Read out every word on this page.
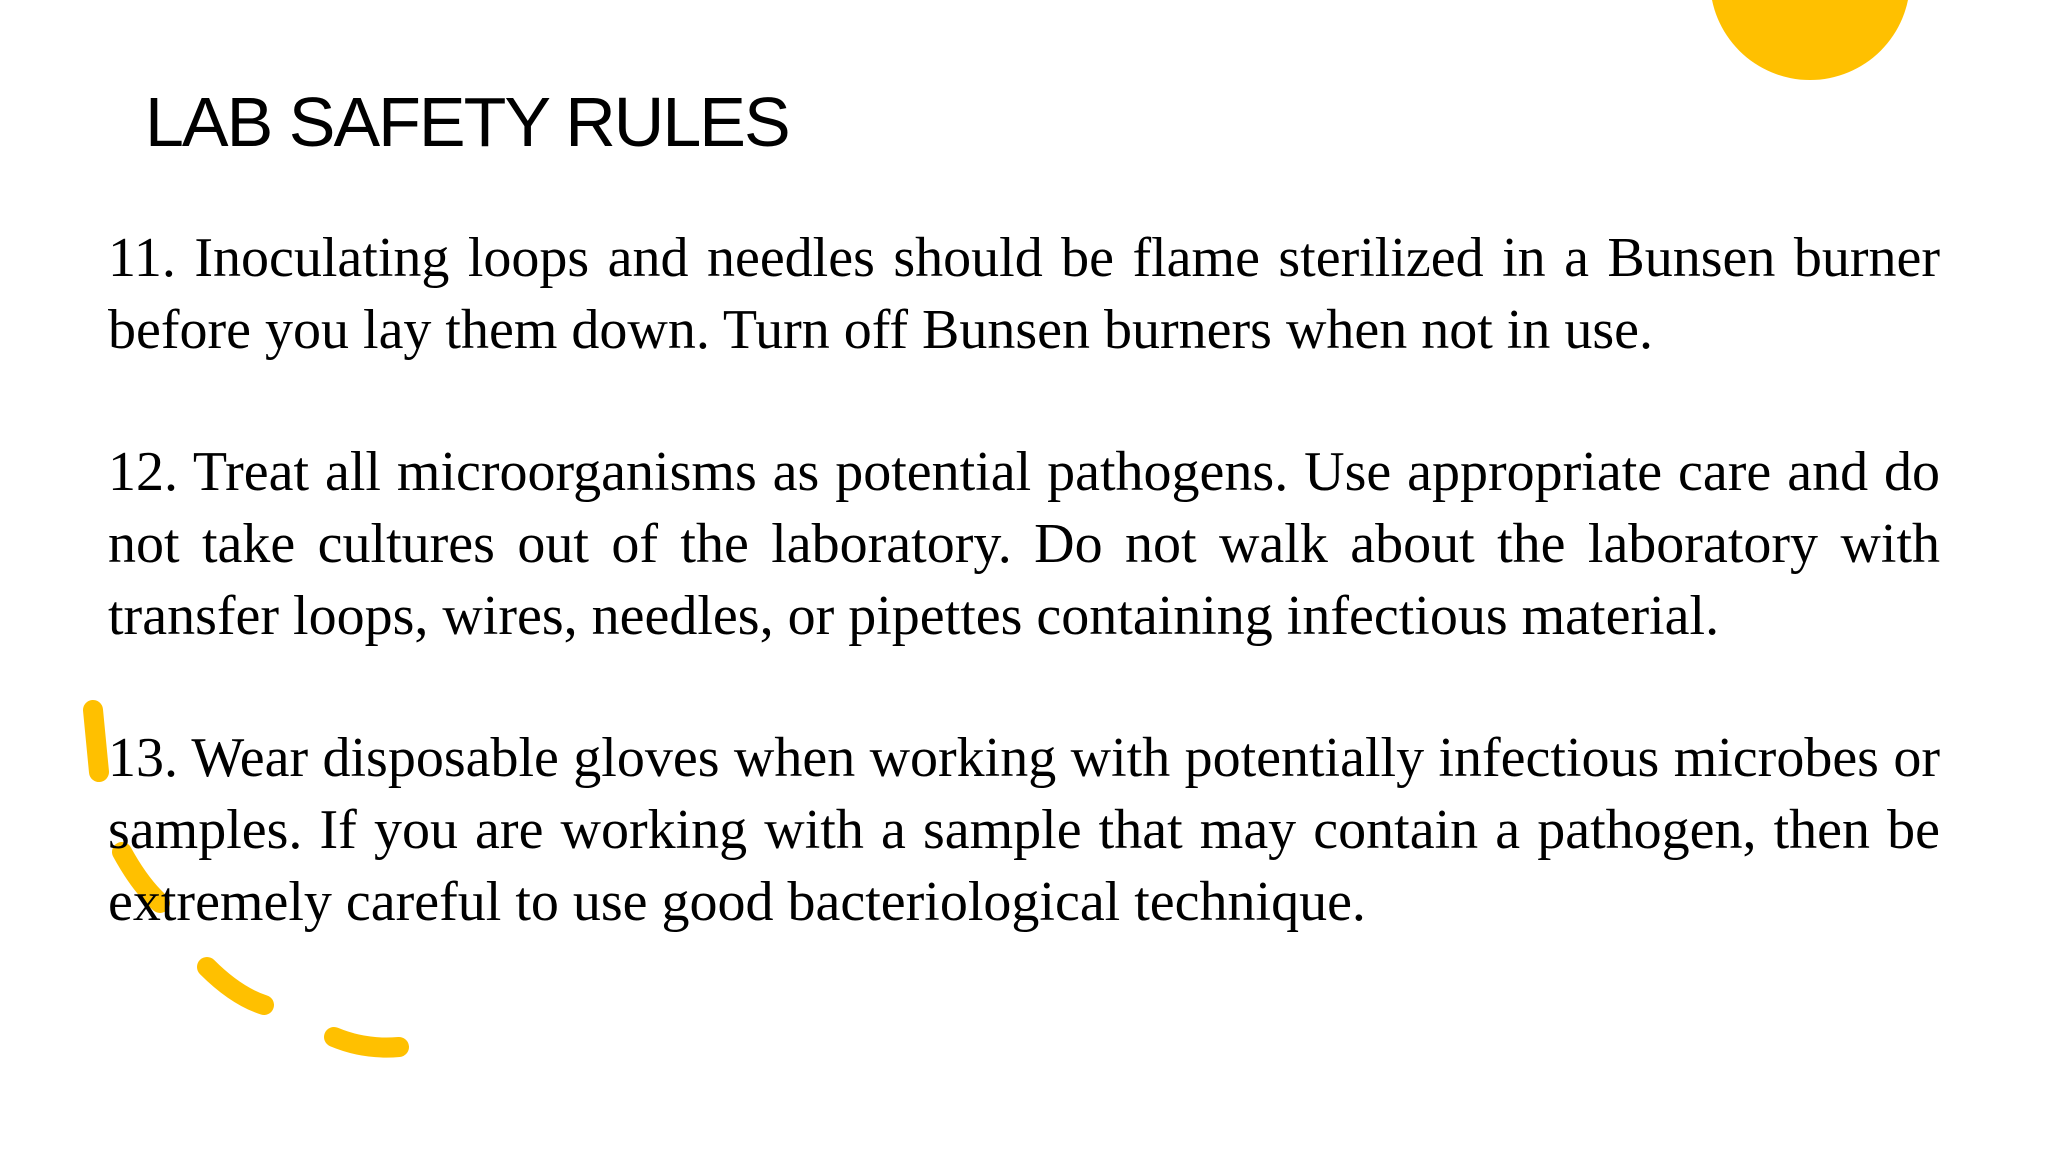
LAB SAFETY RULES
11. Inoculating loops and needles should be flame sterilized in a Bunsen burner before you lay them down. Turn off Bunsen burners when not in use.
12. Treat all microorganisms as potential pathogens. Use appropriate care and do not take cultures out of the laboratory. Do not walk about the laboratory with transfer loops, wires, needles, or pipettes containing infectious material.
13. Wear disposable gloves when working with potentially infectious microbes or samples. If you are working with a sample that may contain a pathogen, then be extremely careful to use good bacteriological technique.
